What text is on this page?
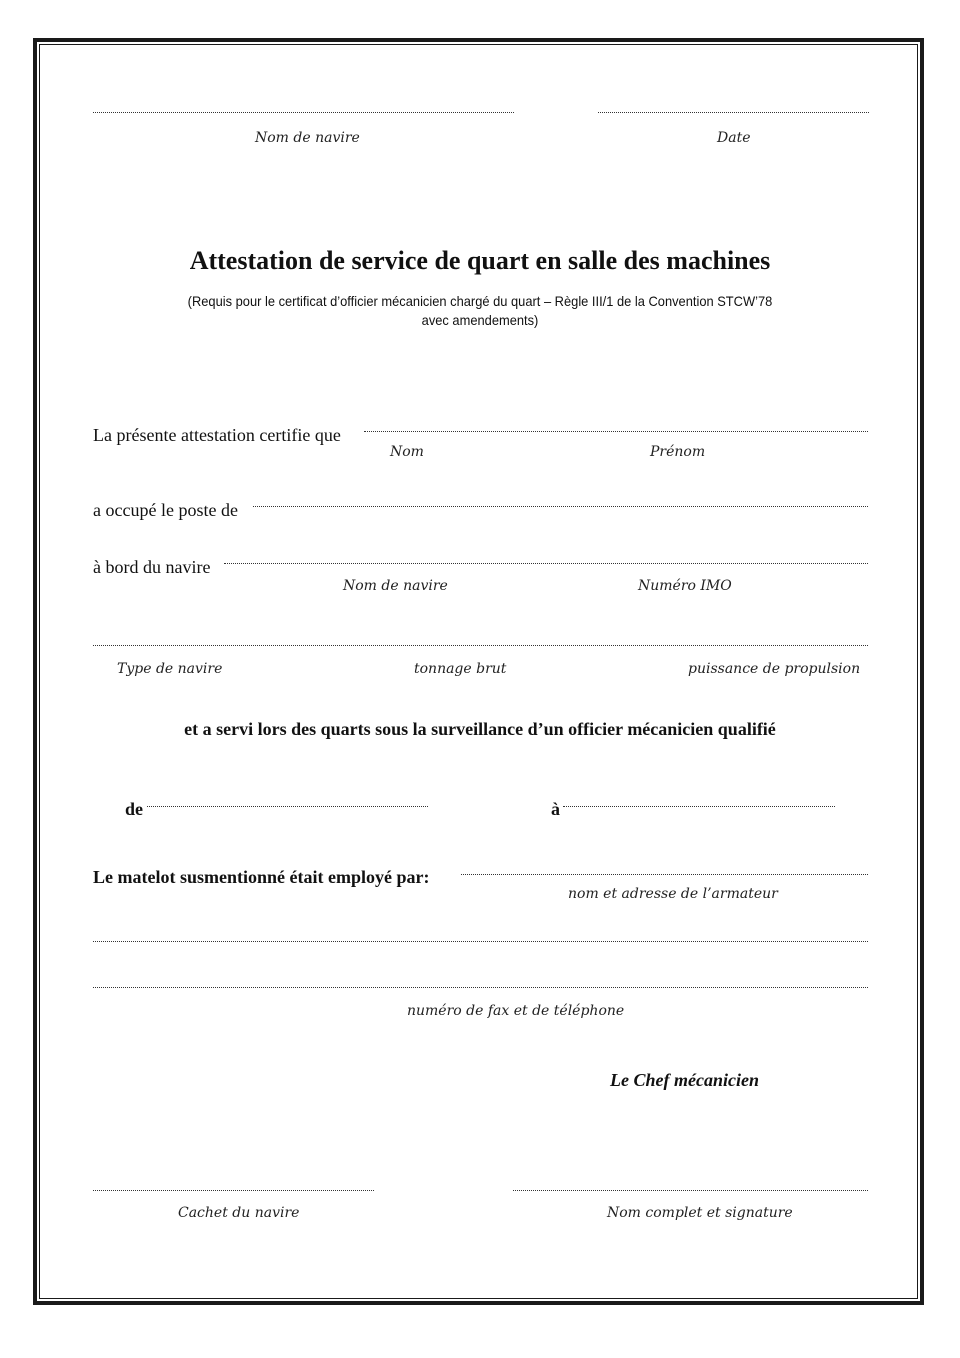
Nom de navire	Date
Attestation de service de quart en salle des machines
(Requis pour le certificat d’officier mécanicien chargé du quart – Règle III/1 de la Convention STCW’78
avec amendements)
La présente attestation certifie que
Nom	Prénom
a occupé le poste de
à bord du navire
Nom de navire	Numéro IMO
Type de navire	tonnage brut	puissance de propulsion
et a servi lors des quarts sous la surveillance d’un officier mécanicien qualifié
de	à
Le matelot susmentionné était employé par:
nom et adresse de l’armateur
numéro de fax et de téléphone
Le Chef mécanicien
Cachet du navire	Nom complet et signature
